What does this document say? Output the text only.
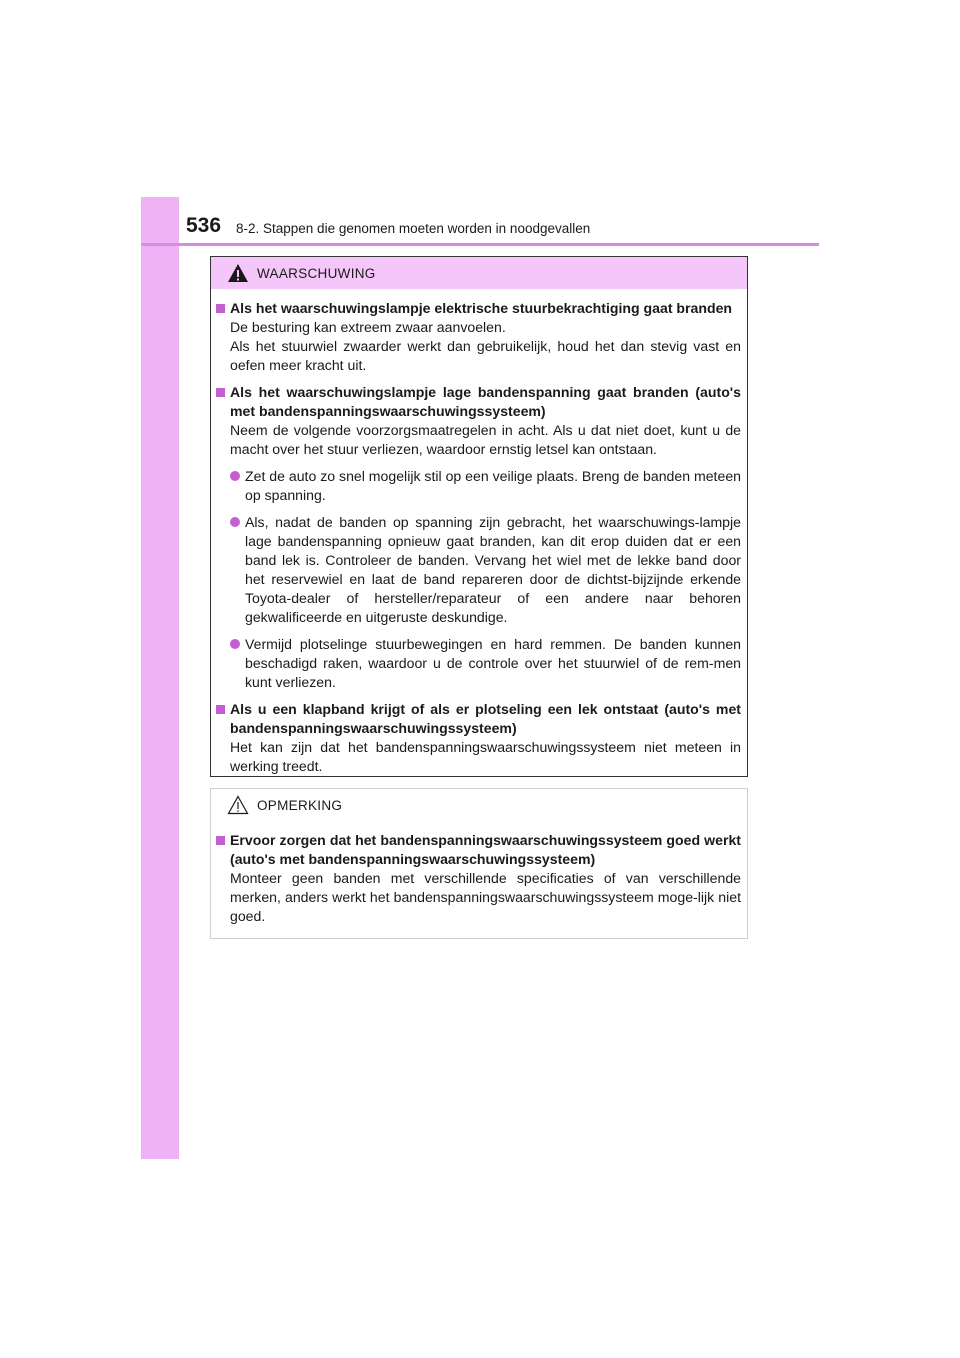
536 8-2. Stappen die genomen moeten worden in noodgevallen
WAARSCHUWING
Als het waarschuwingslampje elektrische stuurbekrachtiging gaat branden

De besturing kan extreem zwaar aanvoelen.
Als het stuurwiel zwaarder werkt dan gebruikelijk, houd het dan stevig vast en oefen meer kracht uit.

Als het waarschuwingslampje lage bandenspanning gaat branden (auto's met bandenspanningswaarschuwingssysteem)

Neem de volgende voorzorgsmaatregelen in acht. Als u dat niet doet, kunt u de macht over het stuur verliezen, waardoor ernstig letsel kan ontstaan.

Zet de auto zo snel mogelijk stil op een veilige plaats. Breng de banden meteen op spanning.
Als, nadat de banden op spanning zijn gebracht, het waarschuwings-lampje lage bandenspanning opnieuw gaat branden, kan dit erop duiden dat er een band lek is. Controleer de banden. Vervang het wiel met de lekke band door het reservewiel en laat de band repareren door de dichtst-bijzijnde erkende Toyota-dealer of hersteller/reparateur of een andere naar behoren gekwalificeerde en uitgeruste deskundige.
Vermijd plotselinge stuurbewegingen en hard remmen. De banden kunnen beschadigd raken, waardoor u de controle over het stuurwiel of de rem-men kunt verliezen.
Als u een klapband krijgt of als er plotseling een lek ontstaat (auto's met bandenspanningswaarschuwingssysteem)

Het kan zijn dat het bandenspanningswaarschuwingssysteem niet meteen in werking treedt.

OPMERKING
Ervoor zorgen dat het bandenspanningswaarschuwingssysteem goed werkt (auto's met bandenspanningswaarschuwingssysteem)

Monteer geen banden met verschillende specificaties of van verschillende merken, anders werkt het bandenspanningswaarschuwingssysteem moge-lijk niet goed.
